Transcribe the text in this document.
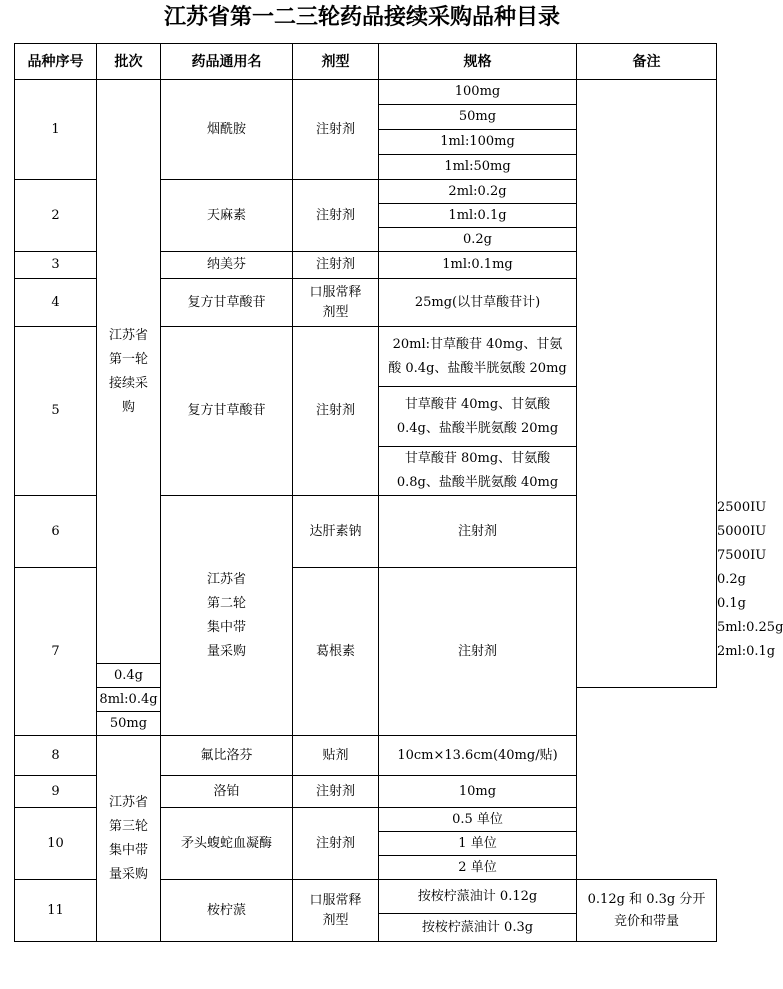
江苏省第一二三轮药品接续采购品种目录
品种序号	批次	药品通用名	剂型	规格	备注	
1	江苏省
第一轮
接续采
购	烟酰胺	注射剂	100mg		
				50mg		
				1ml:100mg		
				1ml:50mg		
2		天麻素	注射剂	2ml:0.2g		
				1ml:0.1g		
				0.2g		
3		纳美芬	注射剂	1ml:0.1mg		
4		复方甘草酸苷	口服常释
剂型	25mg(以甘草酸苷计)		
5		复方甘草酸苷	注射剂	20ml:甘草酸苷 40mg、甘氨
酸 0.4g、盐酸半胱氨酸 20mg		
				甘草酸苷 40mg、甘氨酸
0.4g、盐酸半胱氨酸 20mg		
				甘草酸苷 80mg、甘氨酸
0.8g、盐酸半胱氨酸 40mg		
6		江苏省
第二轮
集中带
量采购	达肝素钠	注射剂		2500IU
						5000IU
						7500IU
7			葛根素	注射剂		0.2g
						0.1g
						5ml:0.25g
						2ml:0.1g
	0.4g					
	8ml:0.4g					
	50mg					
8	江苏省
第三轮
集中带
量采购	氟比洛芬	贴剂	10cm×13.6cm(40mg/贴)		
9		洛铂	注射剂	10mg		
10		矛头蝮蛇血凝酶	注射剂	0.5 单位		
				1 单位		
				2 单位		
11		桉柠蒎	口服常释
剂型	按桉柠蒎油计 0.12g	0.12g 和 0.3g 分开
竞价和带量	
				按桉柠蒎油计 0.3g		
